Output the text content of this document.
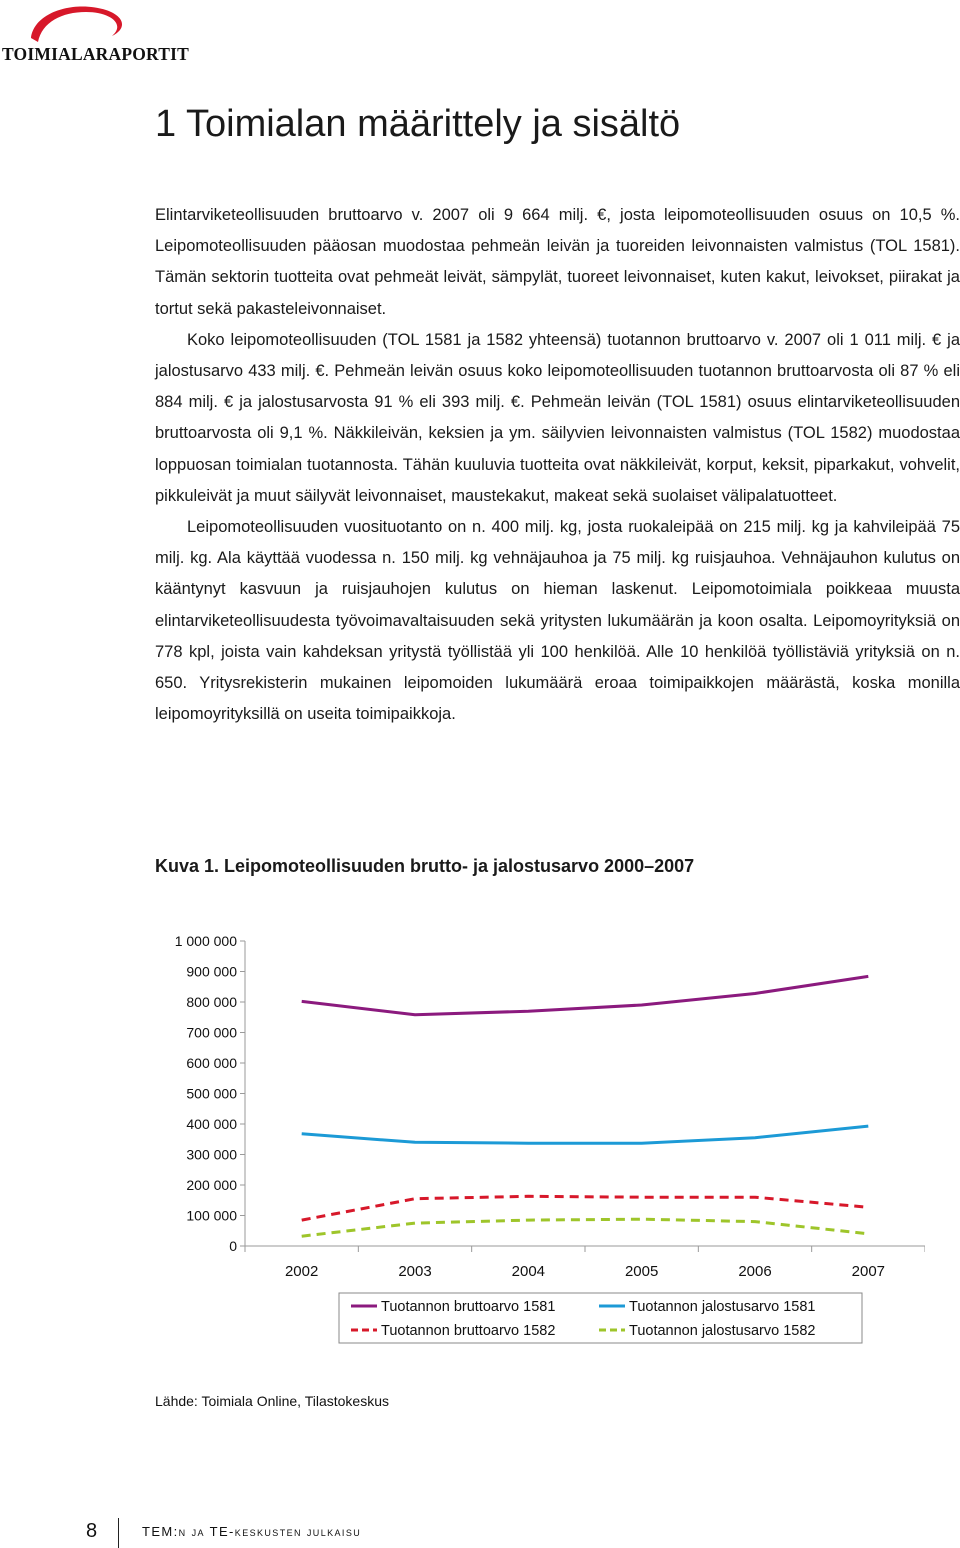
TOIMIALARAPORTIT
1 Toimialan määrittely ja sisältö

Elintarviketeollisuuden bruttoarvo v. 2007 oli 9 664 milj. €, josta leipomoteollisuuden osuus on 10,5 %. Leipomoteollisuuden pääosan muodostaa pehmeän leivän ja tuoreiden leivonnaisten valmistus (TOL 1581). Tämän sektorin tuotteita ovat pehmeät leivät, sämpylät, tuoreet leivonnaiset, kuten kakut, leivokset, piirakat ja tortut sekä pakasteleivonnaiset.

Koko leipomoteollisuuden (TOL 1581 ja 1582 yhteensä) tuotannon bruttoarvo v. 2007 oli 1 011 milj. € ja jalostusarvo 433 milj. €. Pehmeän leivän osuus koko leipomoteollisuuden tuotannon bruttoarvosta oli 87 % eli 884 milj. € ja jalostusarvosta 91 % eli 393 milj. €. Pehmeän leivän (TOL 1581) osuus elintarviketeollisuuden bruttoarvosta oli 9,1 %. Näkkileivän, keksien ja ym. säilyvien leivonnaisten valmistus (TOL 1582) muodostaa loppuosan toimialan tuotannosta. Tähän kuuluvia tuotteita ovat näkkileivät, korput, keksit, piparkakut, vohvelit, pikkuleivät ja muut säilyvät leivonnaiset, maustekakut, makeat sekä suolaiset välipalatuotteet.

Leipomoteollisuuden vuosituotanto on n. 400 milj. kg, josta ruokaleipää on 215 milj. kg ja kahvileipää 75 milj. kg. Ala käyttää vuodessa n. 150 milj. kg vehnäjauhoa ja 75 milj. kg ruisjauhoa. Vehnäjauhon kulutus on kääntynyt kasvuun ja ruisjauhojen kulutus on hieman laskenut. Leipomotoimiala poikkeaa muusta elintarviketeollisuudesta työvoimavaltaisuuden sekä yritysten lukumäärän ja koon osalta. Leipomoyrityksiä on 778 kpl, joista vain kahdeksan yritystä työllistää yli 100 henkilöä. Alle 10 henkilöä työllistäviä yrityksiä on n. 650. Yritysrekisterin mukainen leipomoiden lukumäärä eroaa toimipaikkojen määrästä, koska monilla leipomoyrityksillä on useita toimipaikkoja.

Kuva 1. Leipomoteollisuuden brutto- ja jalostusarvo 2000–2007
0
100 000
200 000
300 000
400 000
500 000
600 000
700 000
800 000
900 000
1 000 000
2002	2003	2004	2005	2006	2007
Tuotannon bruttoarvo 1581	Tuotannon jalostusarvo 1581
Tuotannon bruttoarvo 1582	Tuotannon jalostusarvo 1582
Lähde: Toimiala Online, Tilastokeskus
8	TEM:n ja TE-keskusten julkaisu
